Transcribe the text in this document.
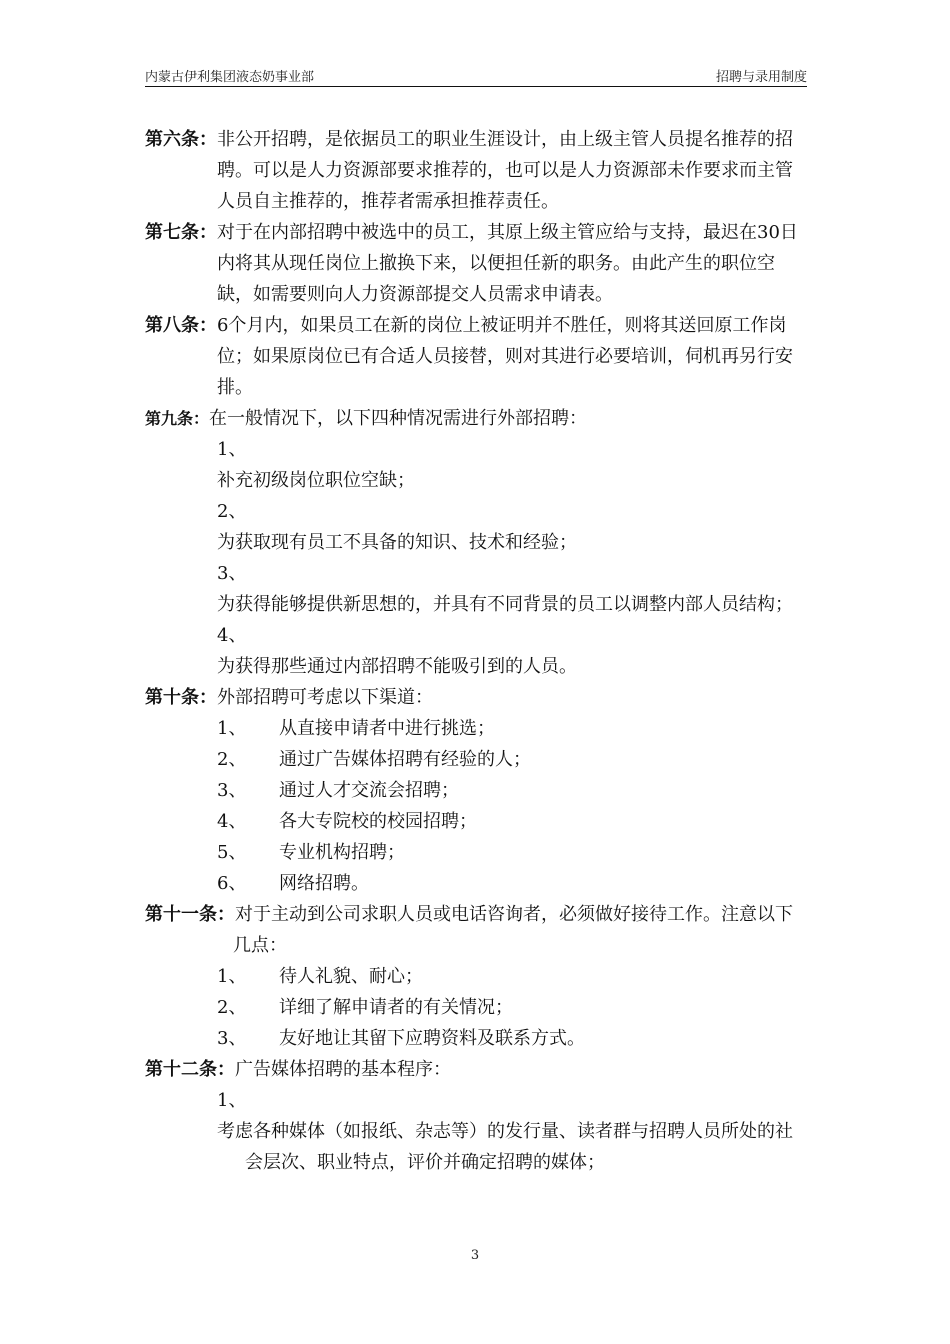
内蒙古伊利集团液态奶事业部	招聘与录用制度

第六条：非公开招聘，是依据员工的职业生涯设计，由上级主管人员提名推荐的招聘。可以是人力资源部要求推荐的，也可以是人力资源部未作要求而主管人员自主推荐的，推荐者需承担推荐责任。

第七条：对于在内部招聘中被选中的员工，其原上级主管应给与支持，最迟在30日内将其从现任岗位上撤换下来，以便担任新的职务。由此产生的职位空缺，如需要则向人力资源部提交人员需求申请表。

第八条：6个月内，如果员工在新的岗位上被证明并不胜任，则将其送回原工作岗位；如果原岗位已有合适人员接替，则对其进行必要培训，伺机再另行安排。

第九条：在一般情况下，以下四种情况需进行外部招聘：

1、

补充初级岗位职位空缺；

2、

为获取现有员工不具备的知识、技术和经验；

3、

为获得能够提供新思想的，并具有不同背景的员工以调整内部人员结构；

4、

为获得那些通过内部招聘不能吸引到的人员。

第十条：外部招聘可考虑以下渠道：

1、 从直接申请者中进行挑选；

2、 通过广告媒体招聘有经验的人；

3、 通过人才交流会招聘；

4、 各大专院校的校园招聘；

5、 专业机构招聘；

6、 网络招聘。

第十一条：对于主动到公司求职人员或电话咨询者，必须做好接待工作。注意以下几点：

1、 待人礼貌、耐心；

2、 详细了解申请者的有关情况；

3、 友好地让其留下应聘资料及联系方式。

第十二条：广告媒体招聘的基本程序：

1、

考虑各种媒体（如报纸、杂志等）的发行量、读者群与招聘人员所处的社会层次、职业特点，评价并确定招聘的媒体；

3
